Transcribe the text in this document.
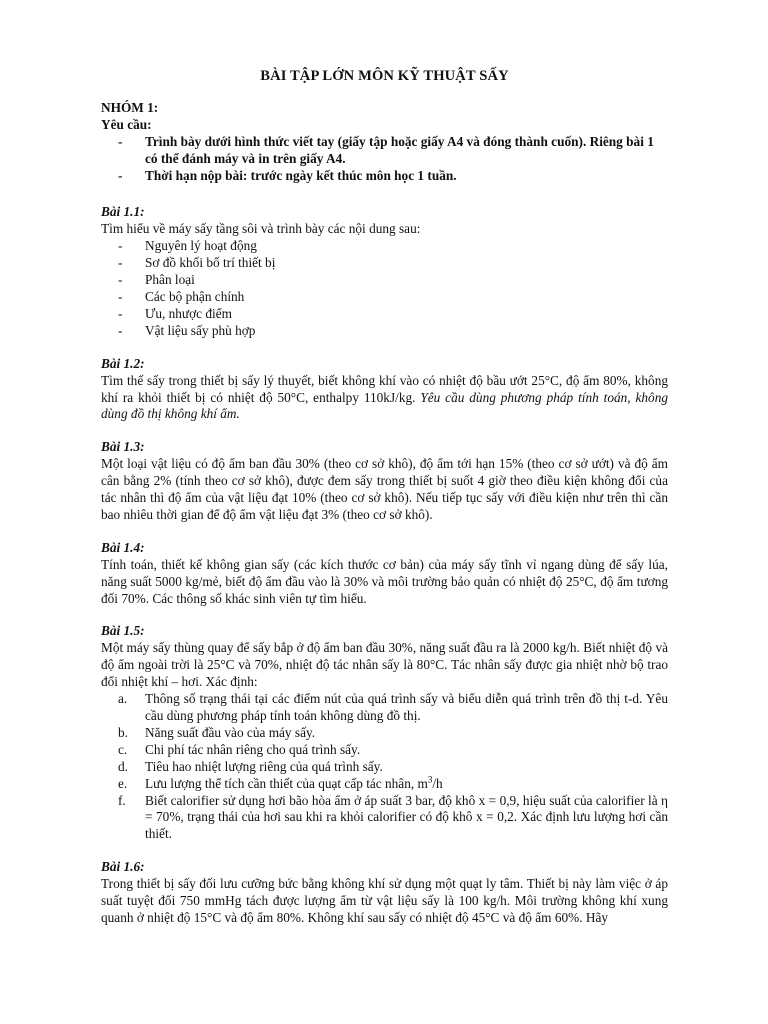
BÀI TẬP LỚN MÔN KỸ THUẬT SẤY

NHÓM 1:

Yêu cầu:

- Trình bày dưới hình thức viết tay (giấy tập hoặc giấy A4 và đóng thành cuốn). Riêng bài 1 có thể đánh máy và in trên giấy A4.
- Thời hạn nộp bài: trước ngày kết thúc môn học 1 tuần.

Bài 1.1:

Tìm hiểu về máy sấy tầng sôi và trình bày các nội dung sau:

- Nguyên lý hoạt động
- Sơ đồ khối bố trí thiết bị
- Phân loại
- Các bộ phận chính
- Ưu, nhược điểm
- Vật liệu sấy phù hợp

Bài 1.2:

Tìm thế sấy trong thiết bị sấy lý thuyết, biết không khí vào có nhiệt độ bầu ướt 25°C, độ ẩm 80%, không khí ra khỏi thiết bị có nhiệt độ 50°C, enthalpy 110kJ/kg. Yêu cầu dùng phương pháp tính toán, không dùng đồ thị không khí ẩm.

Bài 1.3:

Một loại vật liệu có độ ẩm ban đầu 30% (theo cơ sở khô), độ ẩm tới hạn 15% (theo cơ sở ướt) và độ ẩm cân bằng 2% (tính theo cơ sở khô), được đem sấy trong thiết bị suốt 4 giờ theo điều kiện không đổi của tác nhân thì độ ẩm của vật liệu đạt 10% (theo cơ sở khô). Nếu tiếp tục sấy với điều kiện như trên thì cần bao nhiêu thời gian để độ ẩm vật liệu đạt 3% (theo cơ sở khô).

Bài 1.4:

Tính toán, thiết kế không gian sấy (các kích thước cơ bản) của máy sấy tĩnh vỉ ngang dùng để sấy lúa, năng suất 5000 kg/mẻ, biết độ ẩm đầu vào là 30% và môi trường bảo quản có nhiệt độ 25°C, độ ẩm tương đối 70%. Các thông số khác sinh viên tự tìm hiểu.

Bài 1.5:

Một máy sấy thùng quay để sấy bắp ở độ ẩm ban đầu 30%, năng suất đầu ra là 2000 kg/h. Biết nhiệt độ và độ ẩm ngoài trời là 25°C và 70%, nhiệt độ tác nhân sấy là 80°C. Tác nhân sấy được gia nhiệt nhờ bộ trao đổi nhiệt khí – hơi. Xác định:

a. Thông số trạng thái tại các điểm nút của quá trình sấy và biểu diễn quá trình trên đồ thị t-d. Yêu cầu dùng phương pháp tính toán không dùng đồ thị.
b. Năng suất đầu vào của máy sấy.
c. Chi phí tác nhân riêng cho quá trình sấy.
d. Tiêu hao nhiệt lượng riêng của quá trình sấy.
e. Lưu lượng thể tích cần thiết của quạt cấp tác nhân, $m^3/h$
f. Biết calorifier sử dụng hơi bão hòa ẩm ở áp suất 3 bar, độ khô x = 0,9, hiệu suất của calorifier là η = 70%, trạng thái của hơi sau khi ra khỏi calorifier có độ khô x = 0,2. Xác định lưu lượng hơi cần thiết.

Bài 1.6:

Trong thiết bị sấy đối lưu cưỡng bức bằng không khí sử dụng một quạt ly tâm. Thiết bị này làm việc ở áp suất tuyệt đối 750 mmHg tách được lượng ẩm từ vật liệu sấy là 100 kg/h. Môi trường không khí xung quanh ở nhiệt độ 15°C và độ ẩm 80%. Không khí sau sấy có nhiệt độ 45°C và độ ẩm 60%. Hãy
